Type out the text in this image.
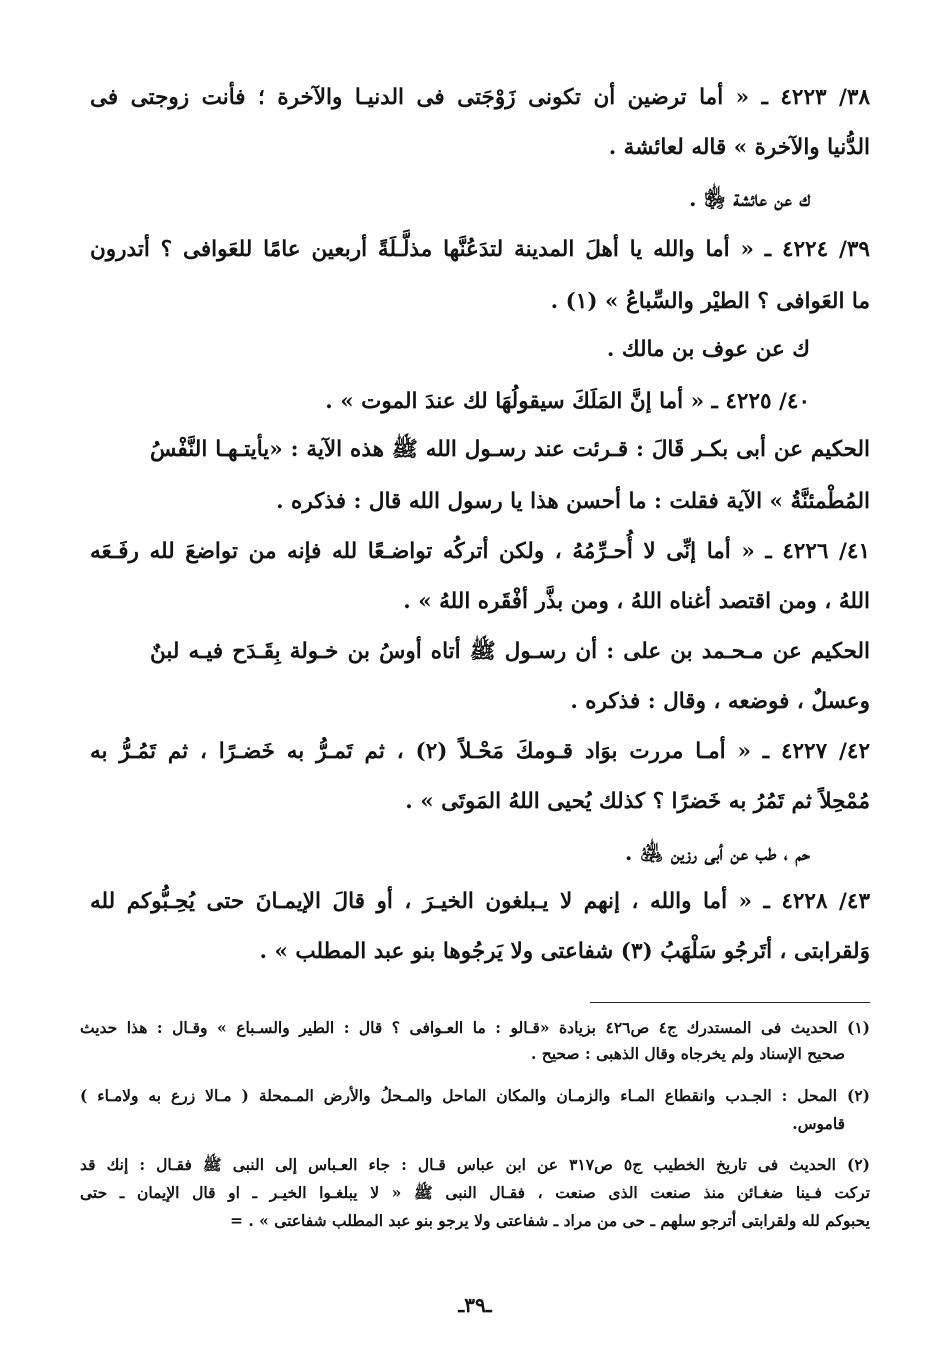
٣٨/ ٤٢٢٣ ـ « أما ترضين أن تكونى زَوْجَتى فى الدنيـا والآخرة ؛ فأنت زوجتى فى
الدُّنيا والآخرة » قاله لعائشة .
ك عن عائشة ﵂ .
٣٩/ ٤٢٢٤ ـ « أما والله يا أهلَ المدينة لتدَعُنَّها مذلَّـلَةً أربعين عامًا للعَوافى ؟ أتدرون
ما العَوافى ؟ الطيْر والسِّباعُ » (١) .
ك عن عوف بن مالك .
٤٠/ ٤٢٢٥ ـ « أما إنَّ المَلَكَ سيقولُهَا لك عندَ الموت » .
الحكيم عن أبى بكـر قَالَ : قـرئت عند رسـول الله ﷺ هذه الآية : «يأيتـهـا النَّفْسُ
المُطْمئنَّةُ » الآية فقلت : ما أحسن هذا يا رسول الله قال : فذكره .
٤١/ ٤٢٢٦ ـ « أما إنِّى لا أُحـرِّمُهُ ، ولكن أتركُه تواضـعًا لله فإنه من تواضعَ لله رفَـعَه
اللهُ ، ومن اقتصد أغناه اللهُ ، ومن بذَّر أفْقَره اللهُ » .
الحكيم عن مـحـمد بن على : أن رسـول ﷺ أتاه أوسُ بن خـولة بِقَـدَح فيـه لبنٌ
وعسلٌ ، فوضعه ، وقال : فذكره .
٤٢/ ٤٢٢٧ ـ « أمـا مررت بوَاد قـومكَ مَحْـلاً (٢) ، ثم تَمـرُّ به خَضـرًا ، ثم تَمُـرُّ به
مُمْحِلاً ثم تَمُرُ به خَضرًا ؟ كذلك يُحيى اللهُ المَوتَى » .
حم ، طب عن أبى رزين ﵁ .
٤٣/ ٤٢٢٨ ـ « أما والله ، إنهم لا يـبلغون الخيـرَ ، أو قالَ الإيمـانَ حتى يُحِـبُّوكم لله
وَلقرابتى ، أتَرجُو سَلْهَبُ (٣) شفاعتى ولا يَرجُوها بنو عبد المطلب » .
(١) الحديث فى المستدرك ج٤ ص٤٢٦ بزيادة «قـالو : ما العـوافى ؟ قال : الطير والسـباع » وقـال : هذا حديث
صحيح الإسناد ولم يخرجاه وقال الذهبى : صحيح .
(٢) المحل : الجـدب وانقطاع المـاء والزمـان والمكان الماحل والمـحلُ والأرض المـمحلة ( مـالا زرع به ولامـاء )
قاموس.
(٢) الحديث فى تاريخ الخطيب ج٥ ص٣١٧ عن ابن عباس قـال : جاء العـباس إلى النبى ﷺ فقـال : إنك قد
تركت فـينا ضغـائن منذ صنعت الذى صنعت ، فقـال النبى ﷺ « لا يبلغـوا الخيـر ـ او قال الإيمان ـ حتى
يحبوكم لله ولقرابتى أترجو سلهم ـ حى من مراد ـ شفاعتى ولا يرجو بنو عبد المطلب شفاعتى » . =
ـ٣٩ـ
